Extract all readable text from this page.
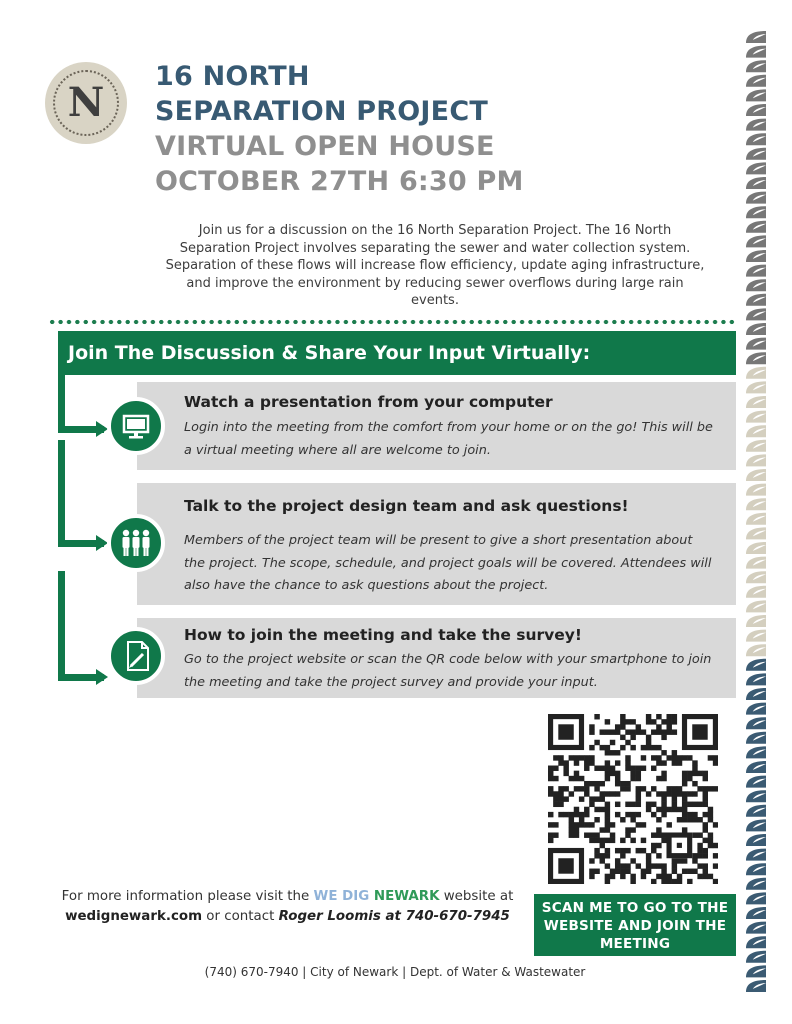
N
16 NORTH
SEPARATION PROJECT
VIRTUAL OPEN HOUSE
OCTOBER 27TH 6:30 PM

Join us for a discussion on the 16 North Separation Project. The 16 North Separation Project involves separating the sewer and water collection system. Separation of these flows will increase flow efficiency, update aging infrastructure, and improve the environment by reducing sewer overflows during large rain events.

Join The Discussion & Share Your Input Virtually:
Watch a presentation from your computer

Login into the meeting from the comfort from your home or on the go! This will be a virtual meeting where all are welcome to join.

Talk to the project design team and ask questions!

Members of the project team will be present to give a short presentation about the project. The scope, schedule, and project goals will be covered. Attendees will also have the chance to ask questions about the project.

How to join the meeting and take the survey!

Go to the project website or scan the QR code below with your smartphone to join the meeting and take the project survey and provide your input.

SCAN ME TO GO TO THE WEBSITE AND JOIN THE MEETING

For more information please visit the WE DIG NEWARK website at
wedignewark.com or contact Roger Loomis at 740-670-7945

(740) 670-7940 | City of Newark | Dept. of Water & Wastewater
